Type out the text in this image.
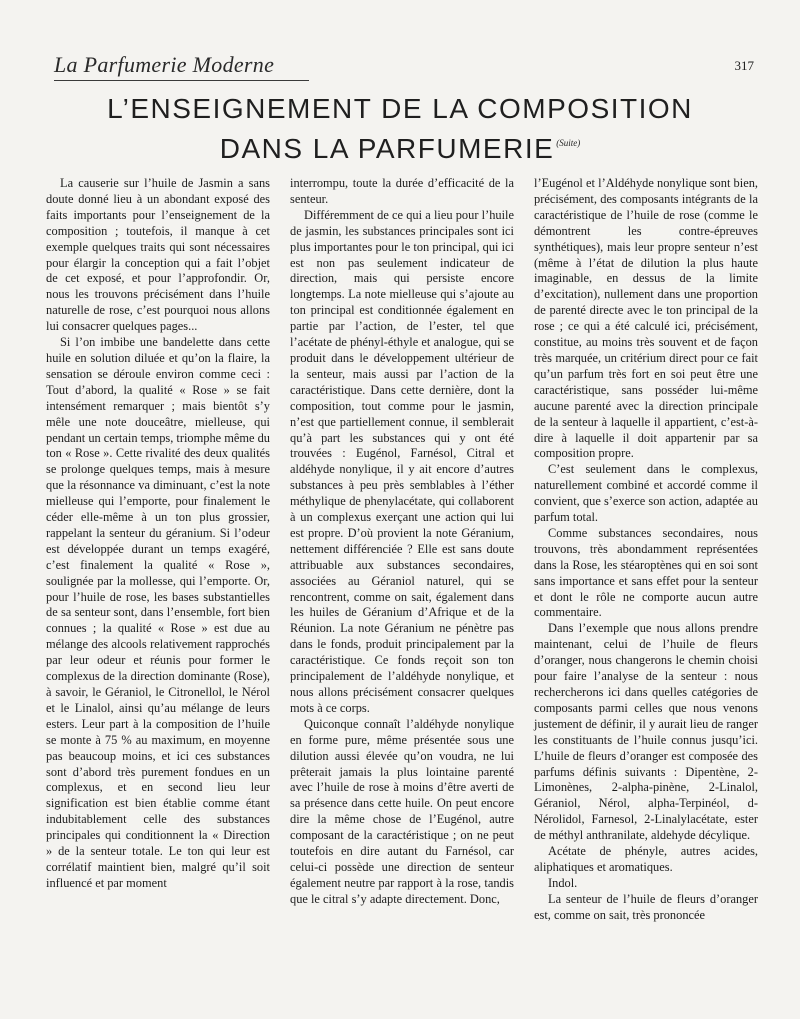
La Parfumerie Moderne	317
L’ENSEIGNEMENT DE LA COMPOSITION
DANS LA PARFUMERIE $^{(Suite)}$

La causerie sur l’huile de Jasmin a sans doute donné lieu à un abondant exposé des faits importants pour l’enseignement de la composition ; toutefois, il manque à cet exemple quelques traits qui sont nécessaires pour élargir la conception qui a fait l’objet de cet exposé, et pour l’approfondir. Or, nous les trouvons précisément dans l’huile naturelle de rose, c’est pourquoi nous allons lui consacrer quelques pages...

Si l’on imbibe une bandelette dans cette huile en solution diluée et qu’on la flaire, la sensation se déroule environ comme ceci : Tout d’abord, la qualité « Rose » se fait intensément remarquer ; mais bientôt s’y mêle une note douceâtre, mielleuse, qui pendant un certain temps, triomphe même du ton « Rose ». Cette rivalité des deux qualités se prolonge quelques temps, mais à mesure que la résonnance va diminuant, c’est la note mielleuse qui l’emporte, pour finalement le céder elle-même à un ton plus grossier, rappelant la senteur du géranium. Si l’odeur est développée durant un temps exagéré, c’est finalement la qualité « Rose », soulignée par la mollesse, qui l’emporte. Or, pour l’huile de rose, les bases substantielles de sa senteur sont, dans l’ensemble, fort bien connues ; la qualité « Rose » est due au mélange des alcools relativement rapprochés par leur odeur et réunis pour former le complexus de la direction dominante (Rose), à savoir, le Géraniol, le Citronellol, le Nérol et le Linalol, ainsi qu’au mélange de leurs esters. Leur part à la composition de l’huile se monte à 75 % au maximum, en moyenne pas beaucoup moins, et ici ces substances sont d’abord très purement fondues en un complexus, et en second lieu leur signification est bien établie comme étant indubitablement celle des substances principales qui conditionnent la « Direction » de la senteur totale. Le ton qui leur est corrélatif maintient bien, malgré qu’il soit influencé et par moment

interrompu, toute la durée d’efficacité de la senteur.

Différemment de ce qui a lieu pour l’huile de jasmin, les substances principales sont ici plus importantes pour le ton principal, qui ici est non pas seulement indicateur de direction, mais qui persiste encore longtemps. La note mielleuse qui s’ajoute au ton principal est conditionnée également en partie par l’action, de l’ester, tel que l’acétate de phényl-éthyle et analogue, qui se produit dans le développement ultérieur de la senteur, mais aussi par l’action de la caractéristique. Dans cette dernière, dont la composition, tout comme pour le jasmin, n’est que partiellement connue, il semblerait qu’à part les substances qui y ont été trouvées : Eugénol, Farnésol, Citral et aldéhyde nonylique, il y ait encore d’autres substances à peu près semblables à l’éther méthylique de phenylacétate, qui collaborent à un complexus exerçant une action qui lui est propre. D’où provient la note Géranium, nettement différenciée ? Elle est sans doute attribuable aux substances secondaires, associées au Géraniol naturel, qui se rencontrent, comme on sait, également dans les huiles de Géranium d’Afrique et de la Réunion. La note Géranium ne pénètre pas dans le fonds, produit principalement par la caractéristique. Ce fonds reçoit son ton principalement de l’aldéhyde nonylique, et nous allons précisément consacrer quelques mots à ce corps.

Quiconque connaît l’aldéhyde nonylique en forme pure, même présentée sous une dilution aussi élevée qu’on voudra, ne lui prêterait jamais la plus lointaine parenté avec l’huile de rose à moins d’être averti de sa présence dans cette huile. On peut encore dire la même chose de l’Eugénol, autre composant de la caractéristique ; on ne peut toutefois en dire autant du Farnésol, car celui-ci possède une direction de senteur également neutre par rapport à la rose, tandis que le citral s’y adapte directement. Donc,

l’Eugénol et l’Aldéhyde nonylique sont bien, précisément, des composants intégrants de la caractéristique de l’huile de rose (comme le démontrent les contre-épreuves synthétiques), mais leur propre senteur n’est (même à l’état de dilution la plus haute imaginable, en dessus de la limite d’excitation), nullement dans une proportion de parenté directe avec le ton principal de la rose ; ce qui a été calculé ici, précisément, constitue, au moins très souvent et de façon très marquée, un critérium direct pour ce fait qu’un parfum très fort en soi peut être une caractéristique, sans posséder lui-même aucune parenté avec la direction principale de la senteur à laquelle il appartient, c’est-à-dire à laquelle il doit appartenir par sa composition propre.

C’est seulement dans le complexus, naturellement combiné et accordé comme il convient, que s’exerce son action, adaptée au parfum total.

Comme substances secondaires, nous trouvons, très abondamment représentées dans la Rose, les stéaroptènes qui en soi sont sans importance et sans effet pour la senteur et dont le rôle ne comporte aucun autre commentaire.

Dans l’exemple que nous allons prendre maintenant, celui de l’huile de fleurs d’oranger, nous changerons le chemin choisi pour faire l’analyse de la senteur : nous rechercherons ici dans quelles catégories de composants parmi celles que nous venons justement de définir, il y aurait lieu de ranger les constituants de l’huile connus jusqu’ici. L’huile de fleurs d’oranger est composée des parfums définis suivants : Dipentène, 2-Limonènes, 2-alpha-pinène, 2-Linalol, Géraniol, Nérol, alpha-Terpinéol, d-Nérolidol, Farnesol, 2-Linalylacétate, ester de méthyl anthranilate, aldehyde décylique.

Acétate de phényle, autres acides, aliphatiques et aromatiques.

Indol.

La senteur de l’huile de fleurs d’oranger est, comme on sait, très prononcée
